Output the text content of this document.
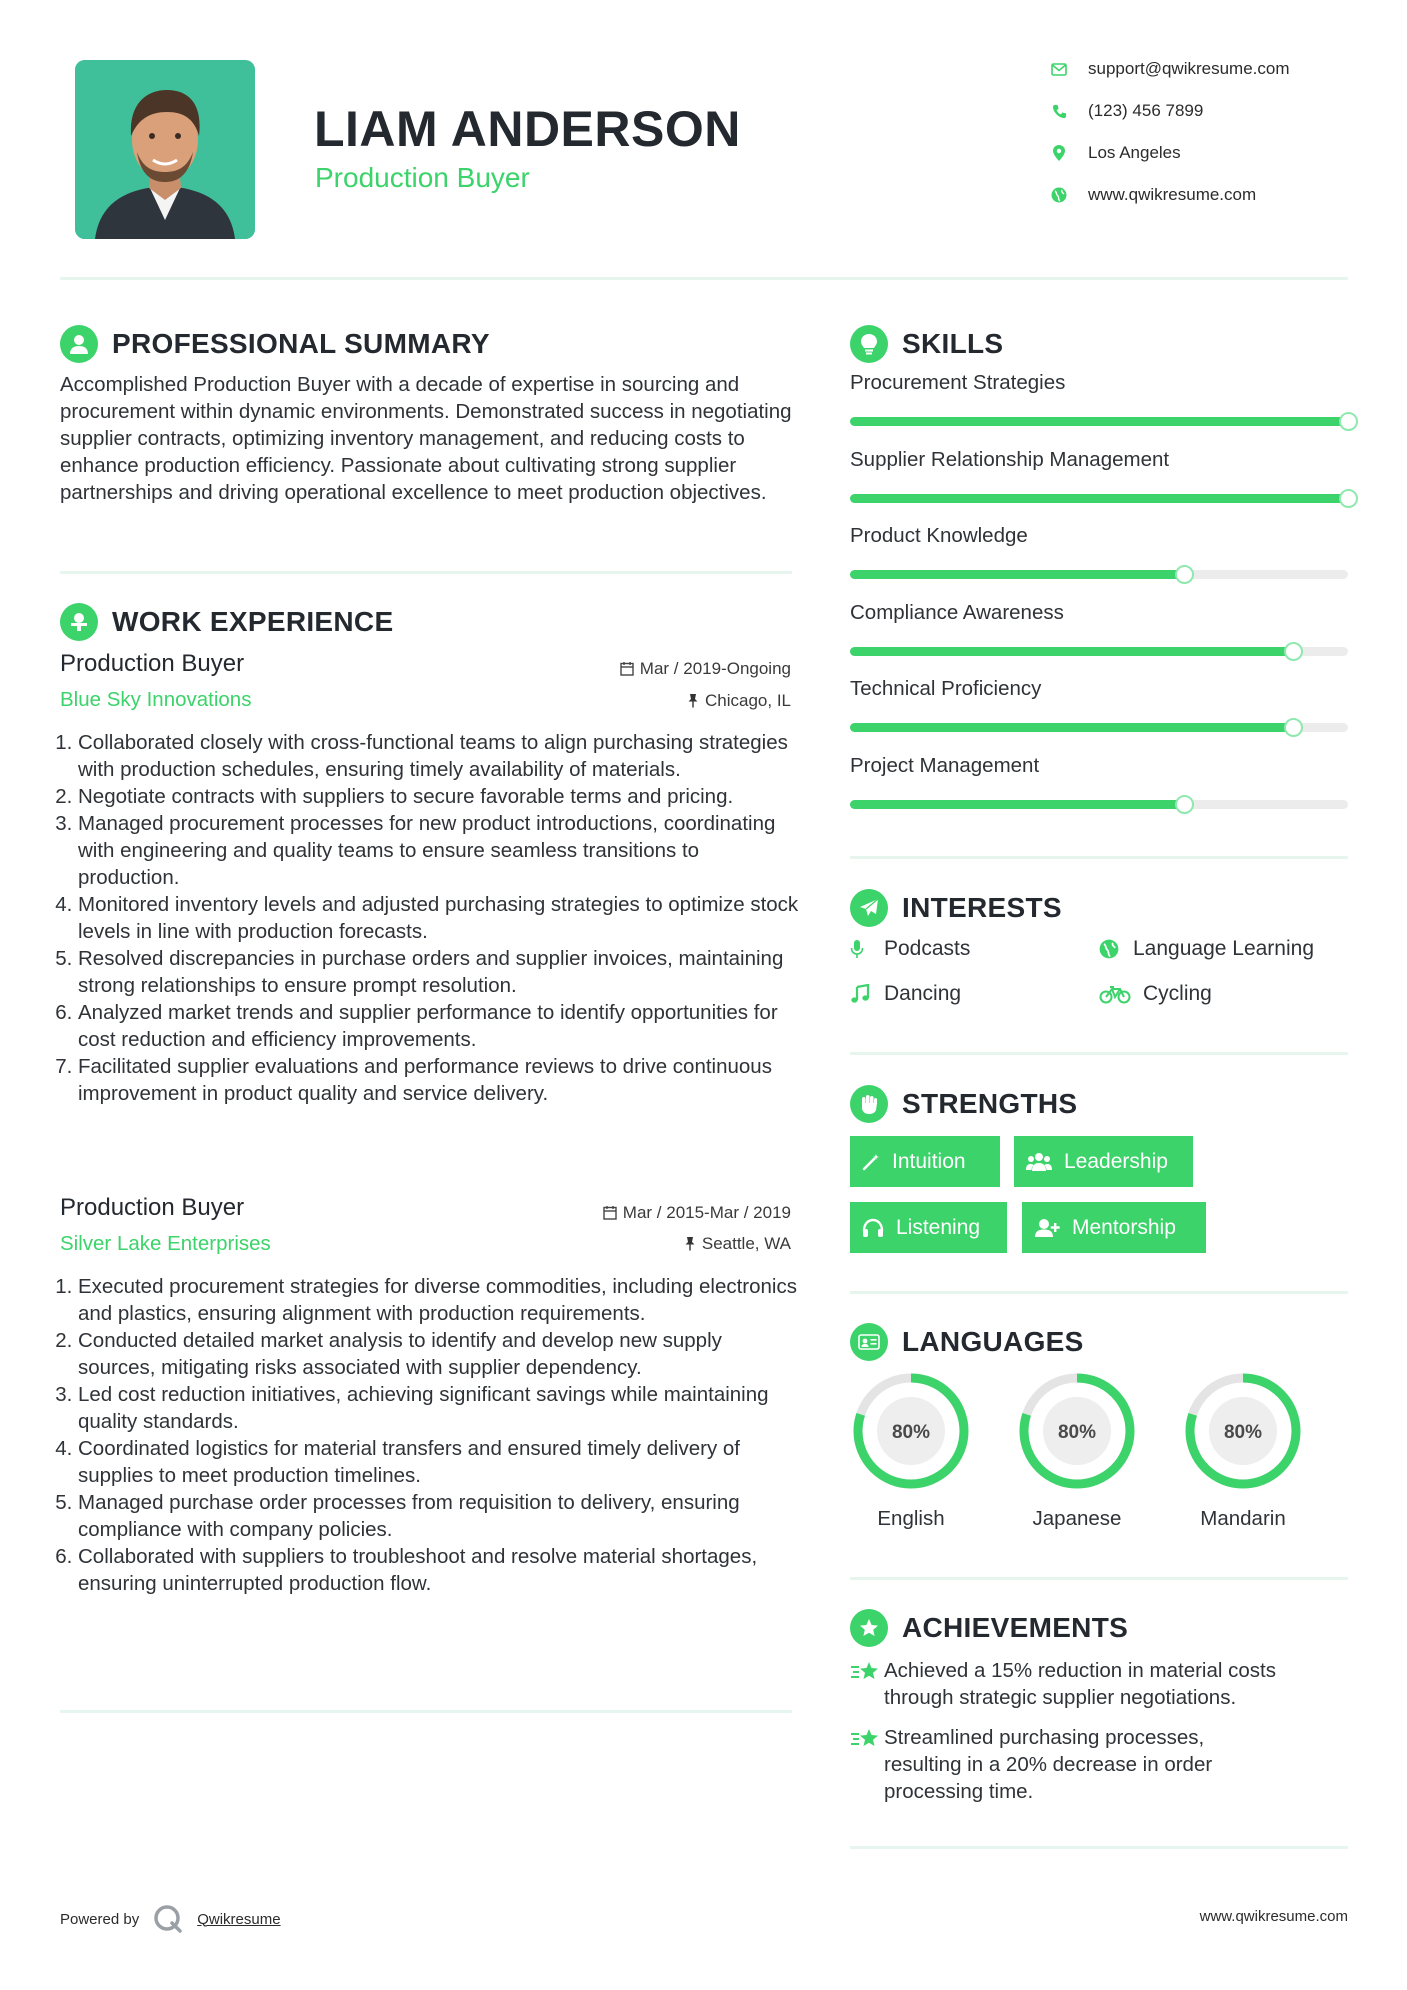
LIAM ANDERSON
Production Buyer
support@qwikresume.com
(123) 456 7899
Los Angeles
www.qwikresume.com
PROFESSIONAL SUMMARY
Accomplished Production Buyer with a decade of expertise in sourcing and procurement within dynamic environments. Demonstrated success in negotiating supplier contracts, optimizing inventory management, and reducing costs to enhance production efficiency. Passionate about cultivating strong supplier partnerships and driving operational excellence to meet production objectives.
WORK EXPERIENCE
Production Buyer	Mar / 2019-Ongoing
Blue Sky Innovations	Chicago, IL
1. Collaborated closely with cross-functional teams to align purchasing strategies with production schedules, ensuring timely availability of materials.
2. Negotiate contracts with suppliers to secure favorable terms and pricing.
3. Managed procurement processes for new product introductions, coordinating with engineering and quality teams to ensure seamless transitions to production.
4. Monitored inventory levels and adjusted purchasing strategies to optimize stock levels in line with production forecasts.
5. Resolved discrepancies in purchase orders and supplier invoices, maintaining strong relationships to ensure prompt resolution.
6. Analyzed market trends and supplier performance to identify opportunities for cost reduction and efficiency improvements.
7. Facilitated supplier evaluations and performance reviews to drive continuous improvement in product quality and service delivery.
Production Buyer	Mar / 2015-Mar / 2019
Silver Lake Enterprises	Seattle, WA
1. Executed procurement strategies for diverse commodities, including electronics and plastics, ensuring alignment with production requirements.
2. Conducted detailed market analysis to identify and develop new supply sources, mitigating risks associated with supplier dependency.
3. Led cost reduction initiatives, achieving significant savings while maintaining quality standards.
4. Coordinated logistics for material transfers and ensured timely delivery of supplies to meet production timelines.
5. Managed purchase order processes from requisition to delivery, ensuring compliance with company policies.
6. Collaborated with suppliers to troubleshoot and resolve material shortages, ensuring uninterrupted production flow.
SKILLS
Procurement Strategies
Supplier Relationship Management
Product Knowledge
Compliance Awareness
Technical Proficiency
Project Management
INTERESTS
Podcasts	Language Learning
Dancing	Cycling
STRENGTHS
Intuition	Leadership
Listening	Mentorship
LANGUAGES
80%
English
80%
Japanese
80%
Mandarin
ACHIEVEMENTS
Achieved a 15% reduction in material costs through strategic supplier negotiations.
Streamlined purchasing processes, resulting in a 20% decrease in order processing time.
Powered by	Qwikresume	www.qwikresume.com
